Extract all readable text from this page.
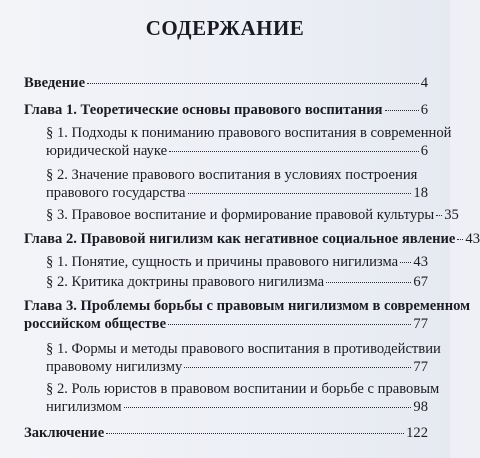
СОДЕРЖАНИЕ
Введение	4
Глава 1. Теоретические основы правового воспитания	6
§ 1. Подходы к пониманию правового воспитания в современной
юридической науке	6
§ 2. Значение правового воспитания в условиях построения
правового государства	18
§ 3. Правовое воспитание и формирование правовой культуры 35
Глава 2. Правовой нигилизм как негативное социальное явление 43
§ 1. Понятие, сущность и причины правового нигилизма 43
§ 2. Критика доктрины правового нигилизма	67
Глава 3. Проблемы борьбы с правовым нигилизмом в современном
российском обществе	77
§ 1. Формы и методы правового воспитания в противодействии
правовому нигилизму	77
§ 2. Роль юристов в правовом воспитании и борьбе с правовым
нигилизмом	98
Заключение	122
